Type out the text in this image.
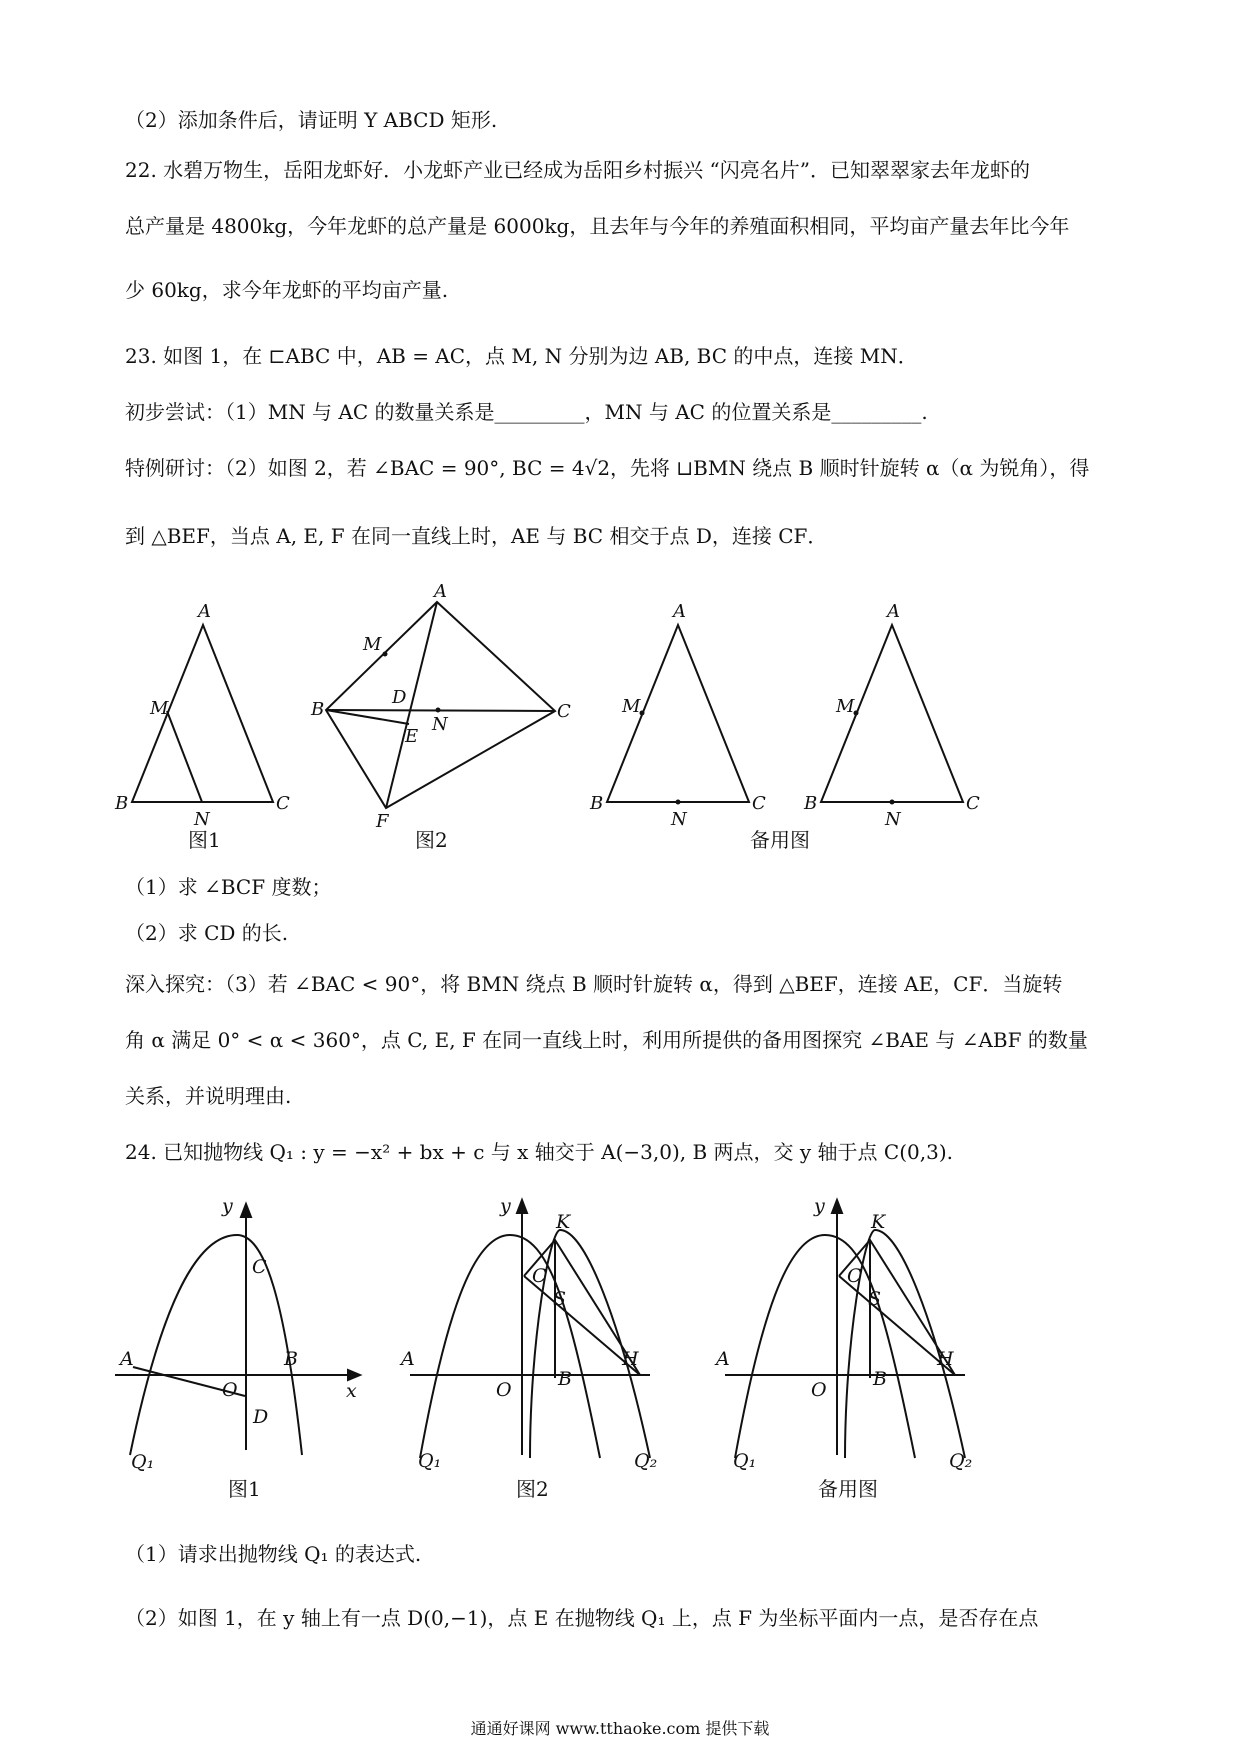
（2）添加条件后，请证明 Y ABCD 矩形.
22. 水碧万物生，岳阳龙虾好．小龙虾产业已经成为岳阳乡村振兴 “闪亮名片”．已知翠翠家去年龙虾的
总产量是 4800kg，今年龙虾的总产量是 6000kg，且去年与今年的养殖面积相同，平均亩产量去年比今年
少 60kg，求今年龙虾的平均亩产量.
23. 如图 1，在 ⊏ABC 中，AB = AC，点 M, N 分别为边 AB, BC 的中点，连接 MN．
初步尝试：（1）MN 与 AC 的数量关系是_________，MN 与 AC 的位置关系是_________.
特例研讨：（2）如图 2，若 ∠BAC = 90°, BC = 4√2，先将 ⊔BMN 绕点 B 顺时针旋转 α（α 为锐角），得
到 △BEF，当点 A, E, F 在同一直线上时，AE 与 BC 相交于点 D，连接 CF．
A
M
B
N
C
A
M
B
D
N
E
C
F
A
M
B
N
C
A
M
B
N
C
图1	图2	备用图
（1）求 ∠BCF 度数；
（2）求 CD 的长.
深入探究：（3）若 ∠BAC < 90°，将 BMN 绕点 B 顺时针旋转 α，得到 △BEF，连接 AE，CF．当旋转
角 α 满足 0° < α < 360°，点 C, E, F 在同一直线上时，利用所提供的备用图探究 ∠BAE 与 ∠ABF 的数量
关系，并说明理由.
24. 已知抛物线 Q₁ : y = −x² + bx + c 与 x 轴交于 A(−3,0), B 两点，交 y 轴于点 C(0,3).
y
C
A	B
O
D
x
Q₁
y
K
C
S
A
B
H
O
Q₁	Q₂
y
K
C
S
A
B
H
O
Q₁	Q₂
图1	图2	备用图
（1）请求出抛物线 Q₁ 的表达式.
（2）如图 1，在 y 轴上有一点 D(0,−1)，点 E 在抛物线 Q₁ 上，点 F 为坐标平面内一点，是否存在点
通通好课网 www.tthaoke.com 提供下载
